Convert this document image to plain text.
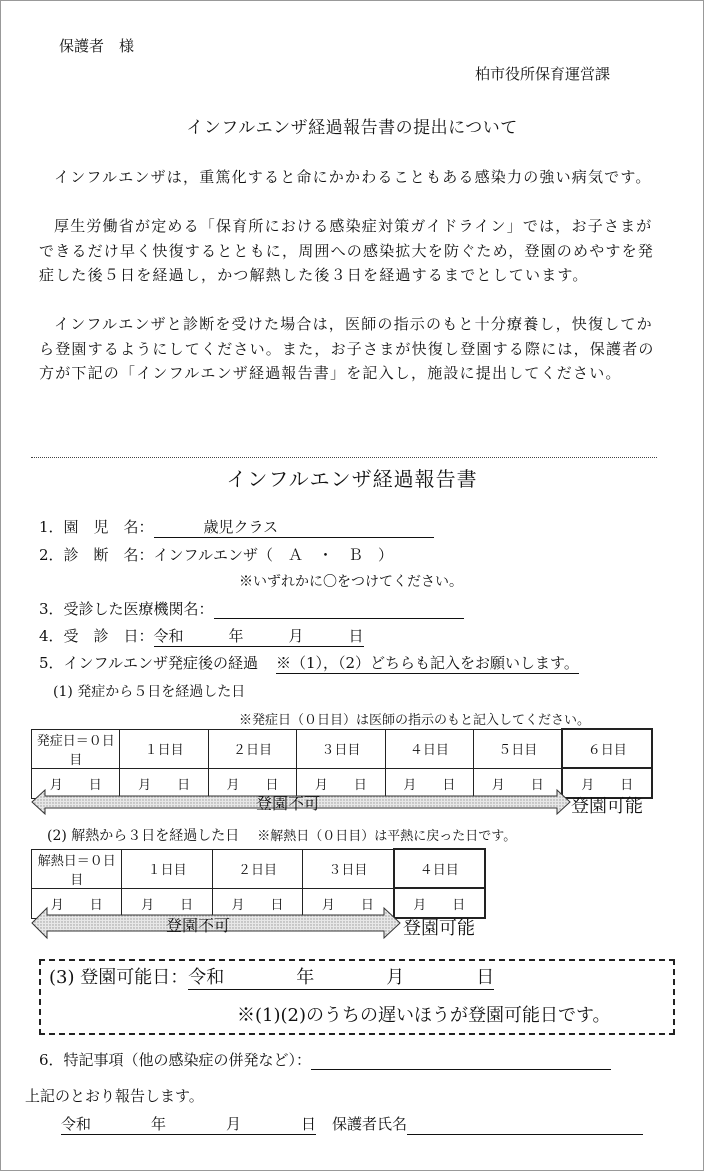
保護者　様
柏市役所保育運営課
インフルエンザ経過報告書の提出について
インフルエンザは，重篤化すると命にかかわることもある感染力の強い病気です。
厚生労働省が定める「保育所における感染症対策ガイドライン」では，お子さまができるだけ早く快復するとともに，周囲への感染拡大を防ぐため，登園のめやすを発症した後５日を経過し，かつ解熱した後３日を経過するまでとしています。
インフルエンザと診断を受けた場合は，医師の指示のもと十分療養し，快復してから登園するようにしてください。また，お子さまが快復し登園する際には，保護者の方が下記の「インフルエンザ経過報告書」を記入し，施設に提出してください。
インフルエンザ経過報告書
1．園　児　名：	歳児クラス
2．診　断　名：インフルエンザ（　Ａ　・　Ｂ　）
※いずれかに〇をつけてください。
3．受診した医療機関名：
4．受　診　日：令和　　　年　　　月　　　日
5．インフルエンザ発症後の経過 ※（1），（2）どちらも記入をお願いします。
(1) 発症から５日を経過した日
※発症日（０日目）は医師の指示のもと記入してください。
発症日＝０日目	１日目	２日目	３日目	４日目	５日目	６日目
月　　日	月　　日	月　　日	月　　日	月　　日	月　　日	月　　日
登園不可	登園可能
(2) 解熱から３日を経過した日 ※解熱日（０日目）は平熱に戻った日です。
解熱日＝０日目	１日目	２日目	３日目	４日目
月　　日	月　　日	月　　日	月　　日	月　　日
登園不可	登園可能
(3) 登園可能日：令和　　　　年　　　　月　　　　日
※(1)(2)のうちの遅いほうが登園可能日です。
6．特記事項（他の感染症の併発など）：
上記のとおり報告します。
令和　　　　年　　　　月　　　　日 保護者氏名
